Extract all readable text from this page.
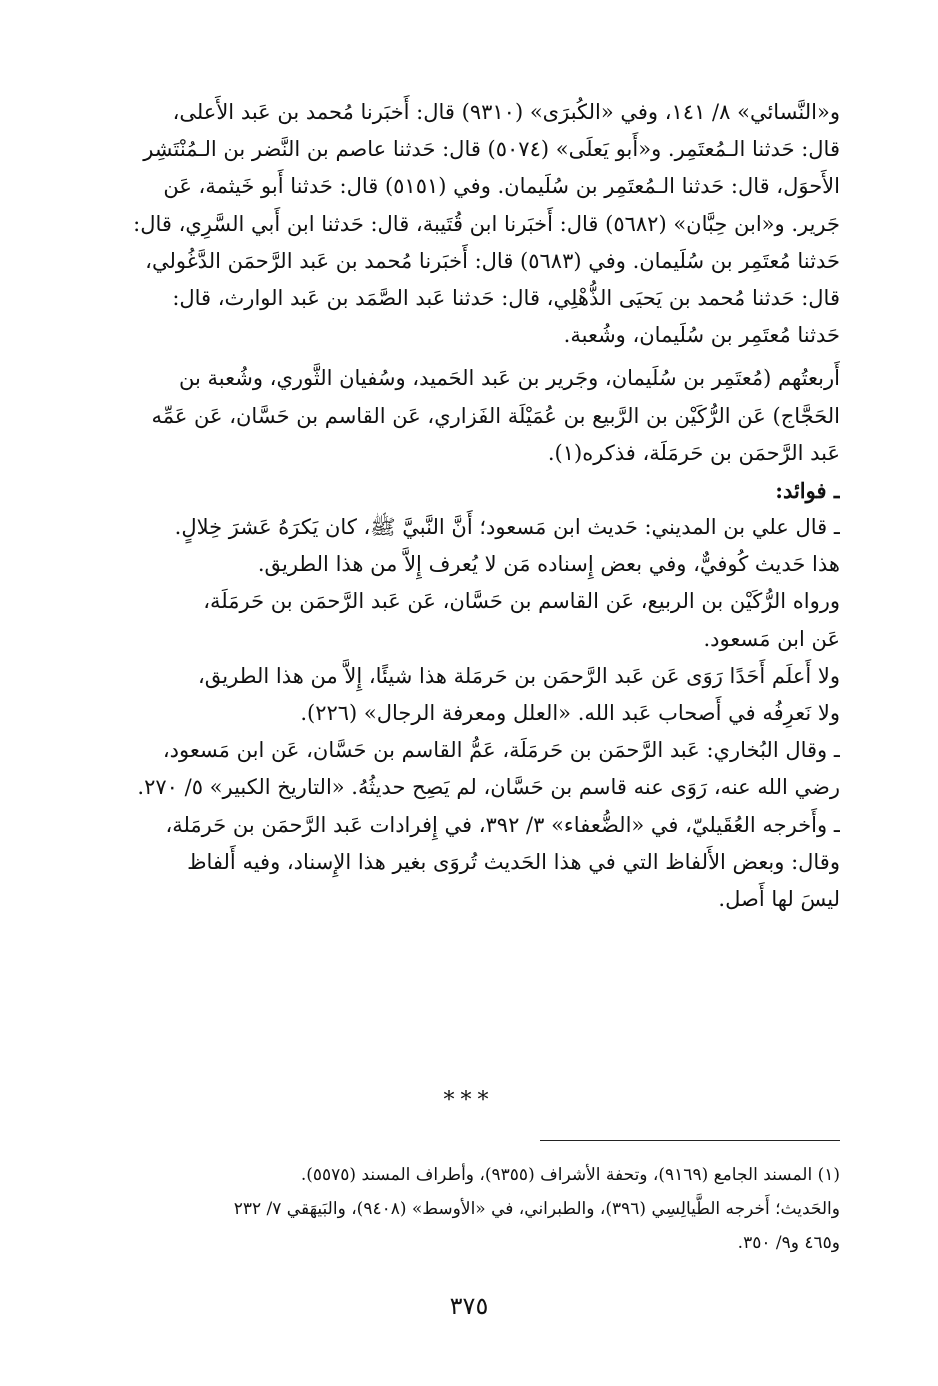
و«النَّسائي» ٨/ ١٤١، وفي «الكُبرَى» (٩٣١٠) قال: أَخبَرنا مُحمد بن عَبد الأَعلى،
قال: حَدثنا الـمُعتَمِر. و«أَبو يَعلَى» (٥٠٧٤) قال: حَدثنا عاصم بن النَّضر بن الـمُنْتَشِر
الأَحوَل، قال: حَدثنا الـمُعتَمِر بن سُلَيمان. وفي (٥١٥١) قال: حَدثنا أَبو خَيثمة، عَن
جَرير. و«ابن حِبَّان» (٥٦٨٢) قال: أَخبَرنا ابن قُتَيبة، قال: حَدثنا ابن أَبي السَّرِي، قال:
حَدثنا مُعتَمِر بن سُلَيمان. وفي (٥٦٨٣) قال: أَخبَرنا مُحمد بن عَبد الرَّحمَن الدَّغُولي،
قال: حَدثنا مُحمد بن يَحيَى الذُّهْلِي، قال: حَدثنا عَبد الصَّمَد بن عَبد الوارث، قال:
حَدثنا مُعتَمِر بن سُلَيمان، وشُعبة.
أَربعتُهم (مُعتَمِر بن سُلَيمان، وجَرير بن عَبد الحَميد، وسُفيان الثَّوري، وشُعبة بن
الحَجَّاج) عَن الرُّكَيْن بن الرَّبيع بن عُمَيْلَة الفَزاري، عَن القاسم بن حَسَّان، عَن عَمِّه
عَبد الرَّحمَن بن حَرمَلَة، فذكره(١).
ـ فوائد:
ـ قال علي بن المديني: حَديث ابن مَسعود؛ أَنَّ النَّبيَّ ﷺ، كان يَكرَهُ عَشرَ خِلالٍ.
هذا حَديث كُوفيٌّ، وفي بعض إِسناده مَن لا يُعرف إِلاَّ من هذا الطريق.
ورواه الرُّكَيْن بن الربيع، عَن القاسم بن حَسَّان، عَن عَبد الرَّحمَن بن حَرمَلَة،
عَن ابن مَسعود.
ولا أَعلَم أَحَدًا رَوَى عَن عَبد الرَّحمَن بن حَرمَلة هذا شيئًا، إِلاَّ من هذا الطريق،
ولا نَعرِفُه في أَصحاب عَبد الله. «العلل ومعرفة الرجال» (٢٢٦).
ـ وقال البُخاري: عَبد الرَّحمَن بن حَرمَلَة، عَمُّ القاسم بن حَسَّان، عَن ابن مَسعود،
رضي الله عنه، رَوَى عنه قاسم بن حَسَّان، لم يَصِح حديثُهُ. «التاريخ الكبير» ٥/ ٢٧٠.
ـ وأَخرجه العُقَيليّ، في «الضُّعفاء» ٣/ ٣٩٢، في إِفرادات عَبد الرَّحمَن بن حَرمَلة،
وقال: وبعض الأَلفاظ التي في هذا الحَديث تُروَى بغير هذا الإِسناد، وفيه أَلفاظ
ليسَ لها أَصل.
***
(١) المسند الجامع (٩١٦٩)، وتحفة الأشراف (٩٣٥٥)، وأطراف المسند (٥٥٧٥).
والحَديث؛ أَخرجه الطَّيالِسِي (٣٩٦)، والطبراني، في «الأوسط» (٩٤٠٨)، والبَيهَقي ٧/ ٢٣٢
و٤٦٥ و٩/ ٣٥٠.
٣٧٥
